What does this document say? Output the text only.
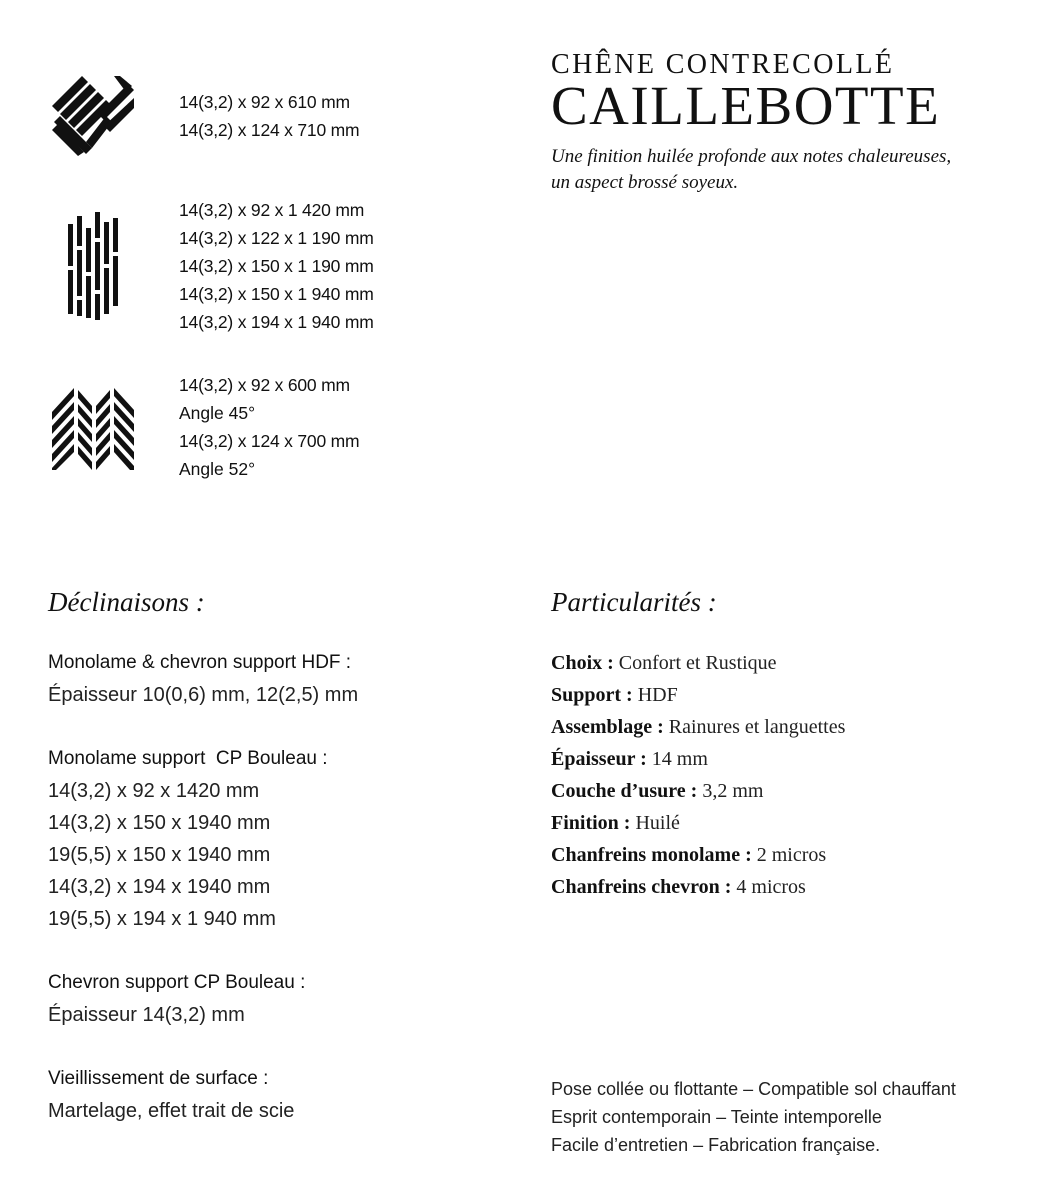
14(3,2) x 92 x 610 mm
14(3,2) x 124 x 710 mm
14(3,2) x 92 x 1 420 mm
14(3,2) x 122 x 1 190 mm
14(3,2) x 150 x 1 190 mm
14(3,2) x 150 x 1 940 mm
14(3,2) x 194 x 1 940 mm
14(3,2) x 92 x 600 mm
Angle 45°
14(3,2) x 124 x 700 mm
Angle 52°
CHÊNE CONTRECOLLÉ
CAILLEBOTTE
Une finition huilée profonde aux notes chaleureuses,
un aspect brossé soyeux.
Déclinaisons :
Monolame & chevron support HDF :
Épaisseur 10(0,6) mm, 12(2,5) mm
Monolame support  CP Bouleau :
14(3,2) x 92 x 1420 mm
14(3,2) x 150 x 1940 mm
19(5,5) x 150 x 1940 mm
14(3,2) x 194 x 1940 mm
19(5,5) x 194 x 1 940 mm
Chevron support CP Bouleau :
Épaisseur 14(3,2) mm
Vieillissement de surface :
Martelage, effet trait de scie
Particularités :
Choix : Confort et Rustique
Support : HDF
Assemblage : Rainures et languettes
Épaisseur : 14 mm
Couche d’usure : 3,2 mm
Finition : Huilé
Chanfreins monolame : 2 micros
Chanfreins chevron : 4 micros
Pose collée ou flottante – Compatible sol chauffant
Esprit contemporain – Teinte intemporelle
Facile d’entretien – Fabrication française.
